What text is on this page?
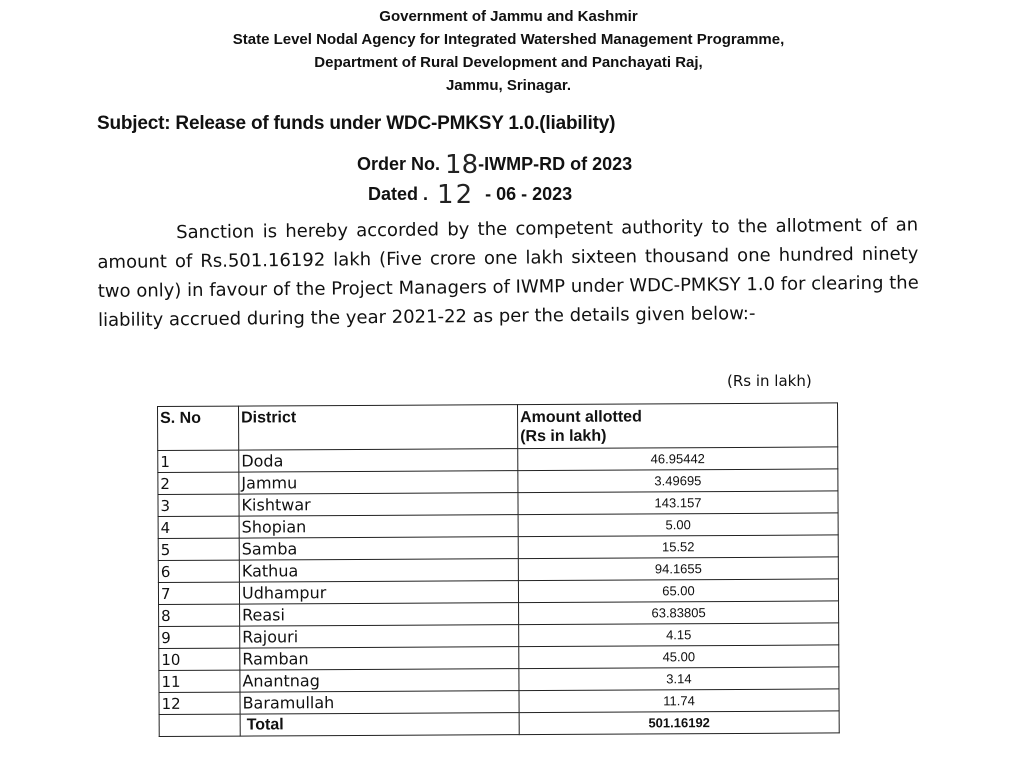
Government of Jammu and Kashmir
State Level Nodal Agency for Integrated Watershed Management Programme,
Department of Rural Development and Panchayati Raj,
Jammu, Srinagar.
Subject: Release of funds under WDC-PMKSY 1.0.(liability)
Order No. 18-IWMP-RD of 2023
Dated . 12 - 06 - 2023
Sanction is hereby accorded by the competent authority to the allotment of an amount of Rs.501.16192 lakh (Five crore one lakh sixteen thousand one hundred ninety two only) in favour of the Project Managers of IWMP under WDC-PMKSY 1.0 for clearing the liability accrued during the year 2021-22 as per the details given below:-
(Rs in lakh)
S. No	District	Amount allotted
(Rs in lakh)

1	Doda	46.95442
2	Jammu	3.49695
3	Kishtwar	143.157
4	Shopian	5.00
5	Samba	15.52
6	Kathua	94.1655
7	Udhampur	65.00
8	Reasi	63.83805
9	Rajouri	4.15
10	Ramban	45.00
11	Anantnag	3.14
12	Baramullah	11.74
	Total	501.16192
